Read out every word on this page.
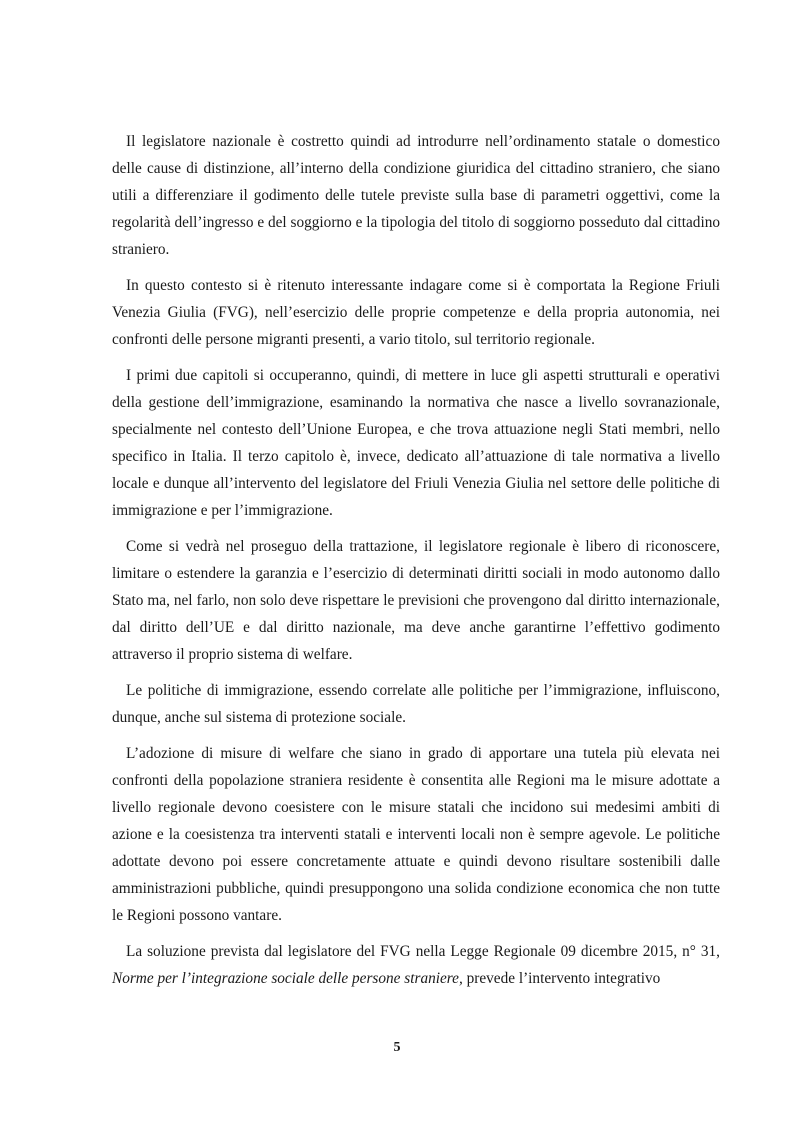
Il legislatore nazionale è costretto quindi ad introdurre nell’ordinamento statale o domestico delle cause di distinzione, all’interno della condizione giuridica del cittadino straniero, che siano utili a differenziare il godimento delle tutele previste sulla base di parametri oggettivi, come la regolarità dell’ingresso e del soggiorno e la tipologia del titolo di soggiorno posseduto dal cittadino straniero.

In questo contesto si è ritenuto interessante indagare come si è comportata la Regione Friuli Venezia Giulia (FVG), nell’esercizio delle proprie competenze e della propria autonomia, nei confronti delle persone migranti presenti, a vario titolo, sul territorio regionale.

I primi due capitoli si occuperanno, quindi, di mettere in luce gli aspetti strutturali e operativi della gestione dell’immigrazione, esaminando la normativa che nasce a livello sovranazionale, specialmente nel contesto dell’Unione Europea, e che trova attuazione negli Stati membri, nello specifico in Italia. Il terzo capitolo è, invece, dedicato all’attuazione di tale normativa a livello locale e dunque all’intervento del legislatore del Friuli Venezia Giulia nel settore delle politiche di immigrazione e per l’immigrazione.

Come si vedrà nel proseguo della trattazione, il legislatore regionale è libero di riconoscere, limitare o estendere la garanzia e l’esercizio di determinati diritti sociali in modo autonomo dallo Stato ma, nel farlo, non solo deve rispettare le previsioni che provengono dal diritto internazionale, dal diritto dell’UE e dal diritto nazionale, ma deve anche garantirne l’effettivo godimento attraverso il proprio sistema di welfare.

Le politiche di immigrazione, essendo correlate alle politiche per l’immigrazione, influiscono, dunque, anche sul sistema di protezione sociale.

L’adozione di misure di welfare che siano in grado di apportare una tutela più elevata nei confronti della popolazione straniera residente è consentita alle Regioni ma le misure adottate a livello regionale devono coesistere con le misure statali che incidono sui medesimi ambiti di azione e la coesistenza tra interventi statali e interventi locali non è sempre agevole. Le politiche adottate devono poi essere concretamente attuate e quindi devono risultare sostenibili dalle amministrazioni pubbliche, quindi presuppongono una solida condizione economica che non tutte le Regioni possono vantare.

La soluzione prevista dal legislatore del FVG nella Legge Regionale 09 dicembre 2015, n° 31, Norme per l’integrazione sociale delle persone straniere, prevede l’intervento integrativo

5
